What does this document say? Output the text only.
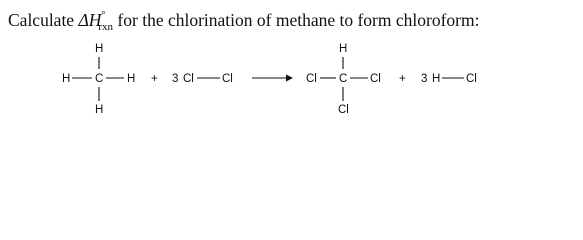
Calculate $\Delta H^\circ_{rxn}$ for the chlorination of methane to form chloroform:
H
H C H
H
+ 3 Cl Cl
H
Cl C Cl
Cl
+ 3 H Cl
